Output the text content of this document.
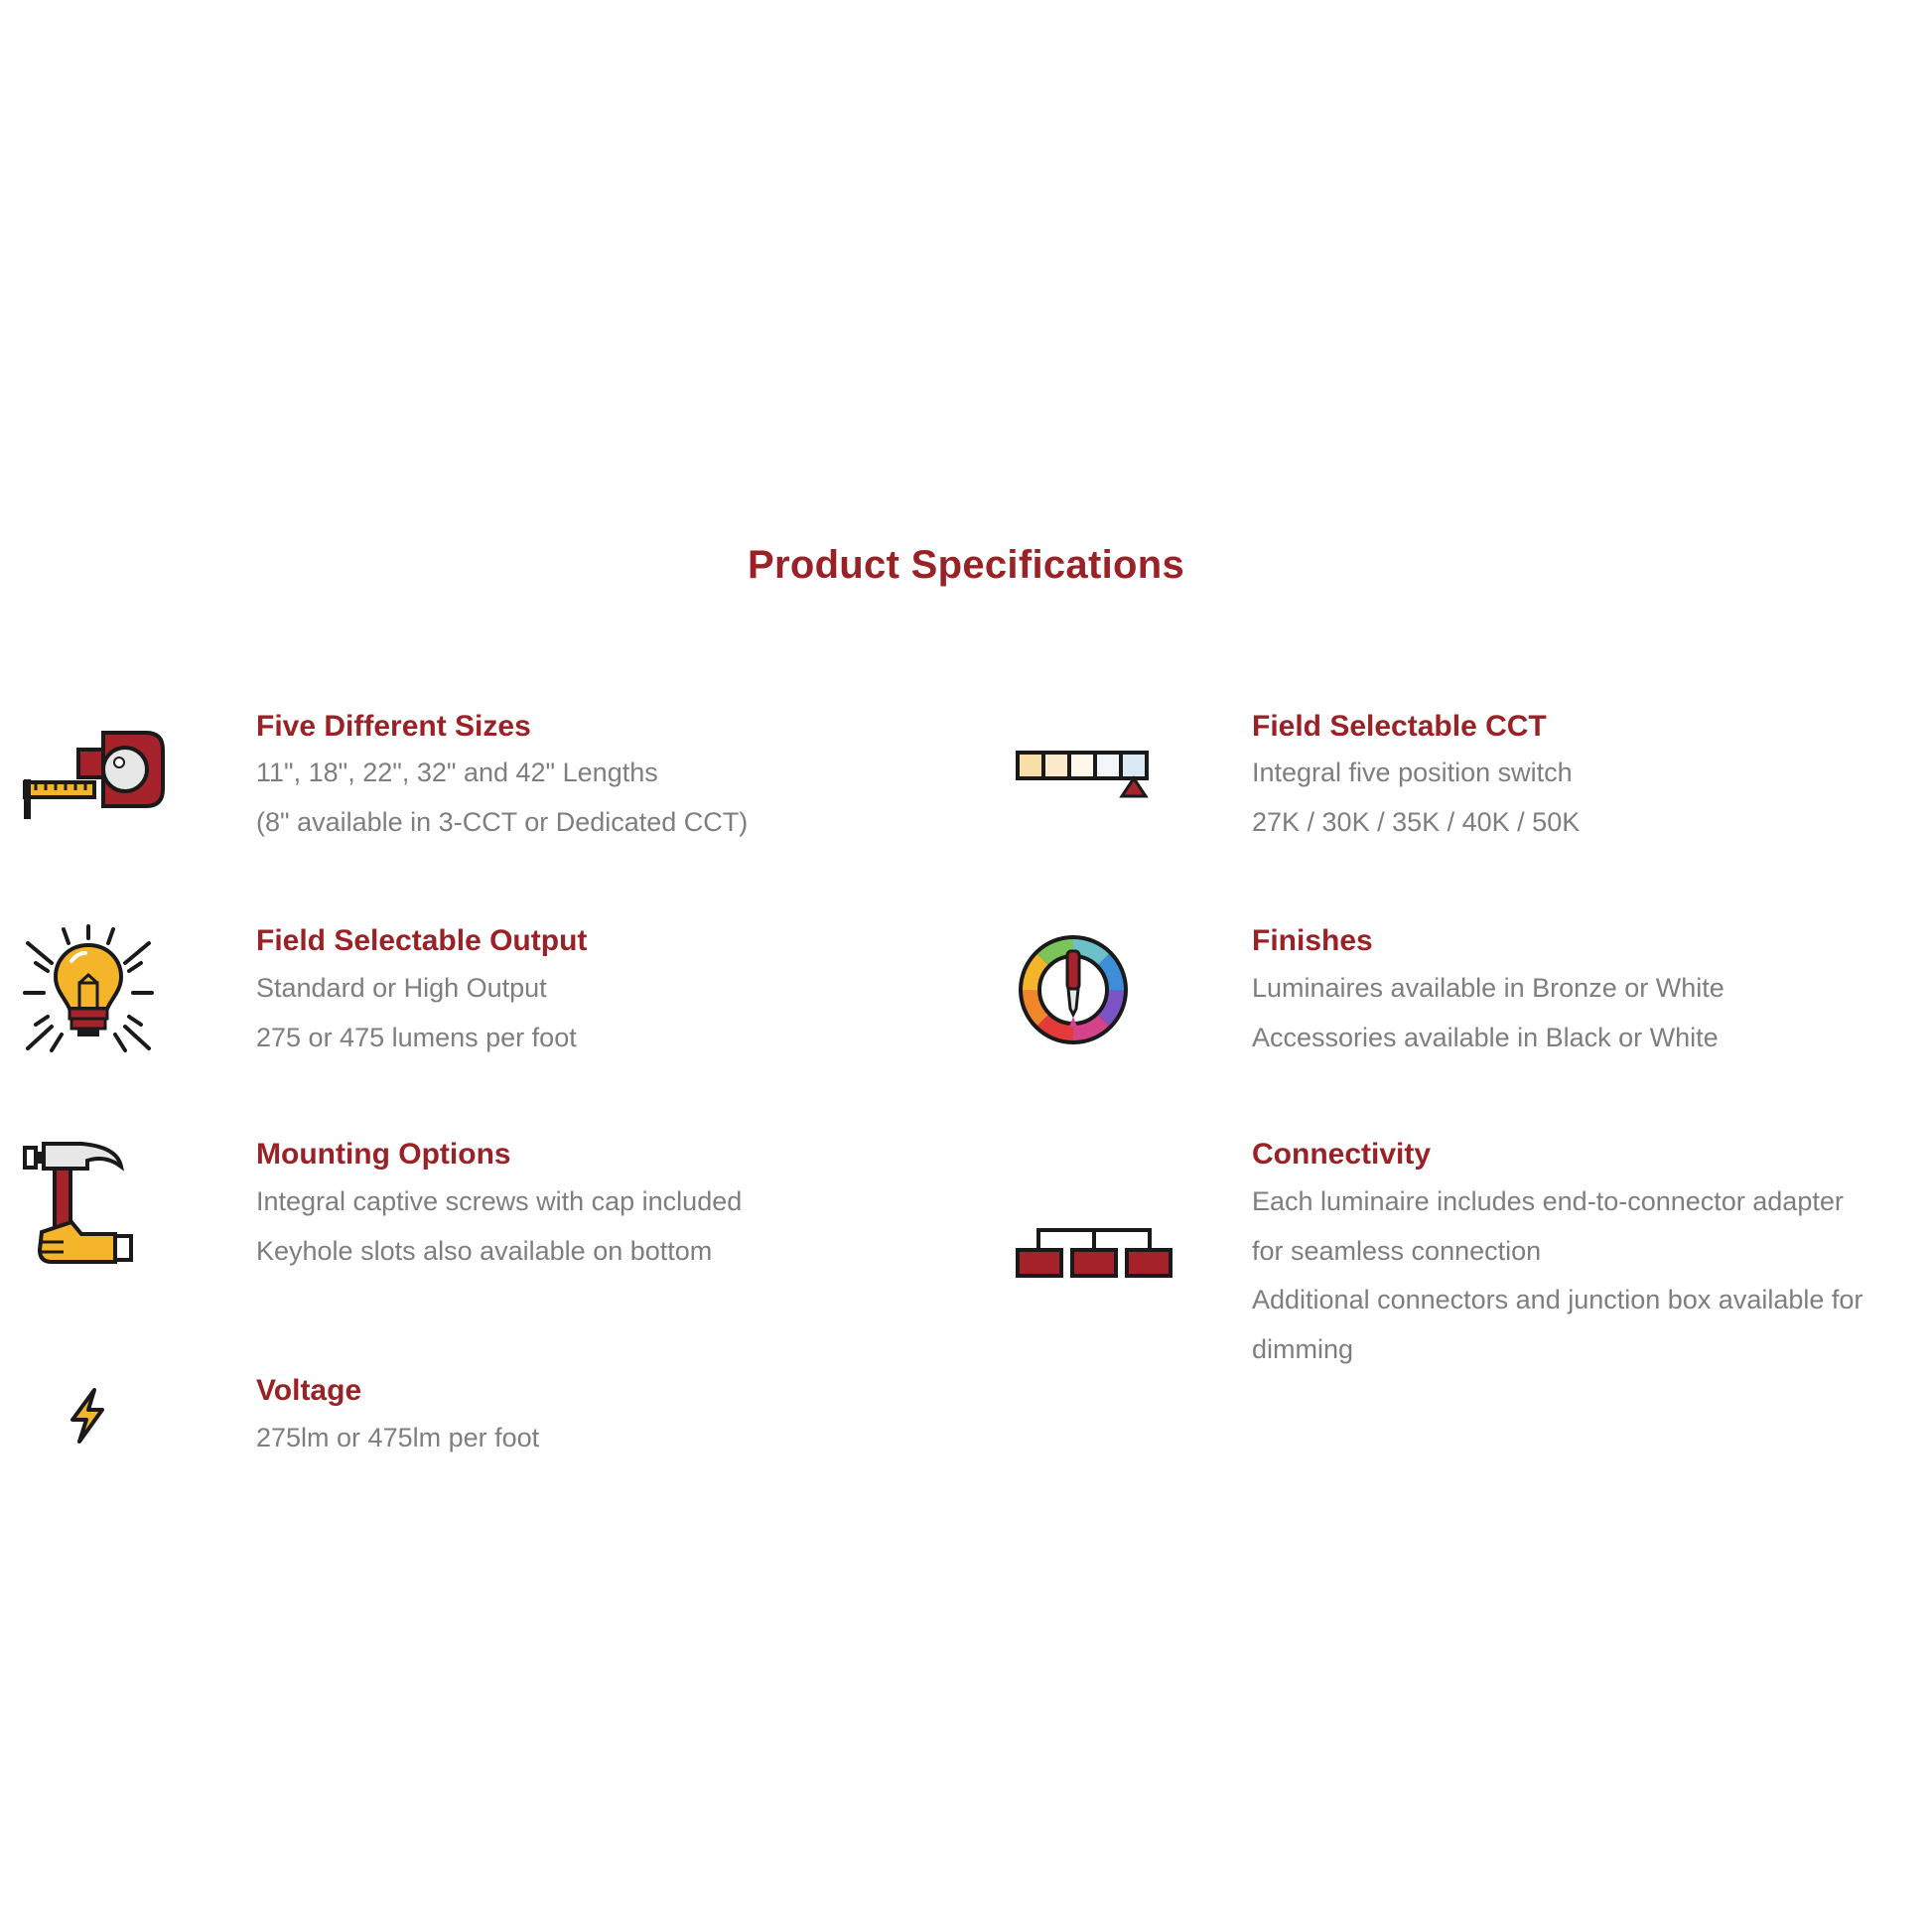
Product Specifications
Five Different Sizes
11", 18", 22", 32" and 42" Lengths
(8" available in 3-CCT or Dedicated CCT)
Field Selectable Output
Standard or High Output
275 or 475 lumens per foot
Mounting Options
Integral captive screws with cap included
Keyhole slots also available on bottom
Voltage
275lm or 475lm per foot
Field Selectable CCT
Integral five position switch
27K / 30K / 35K / 40K / 50K
Finishes
Luminaires available in Bronze or White
Accessories available in Black or White
Connectivity
Each luminaire includes end-to-connector adapter
for seamless connection
Additional connectors and junction box available for
dimming
